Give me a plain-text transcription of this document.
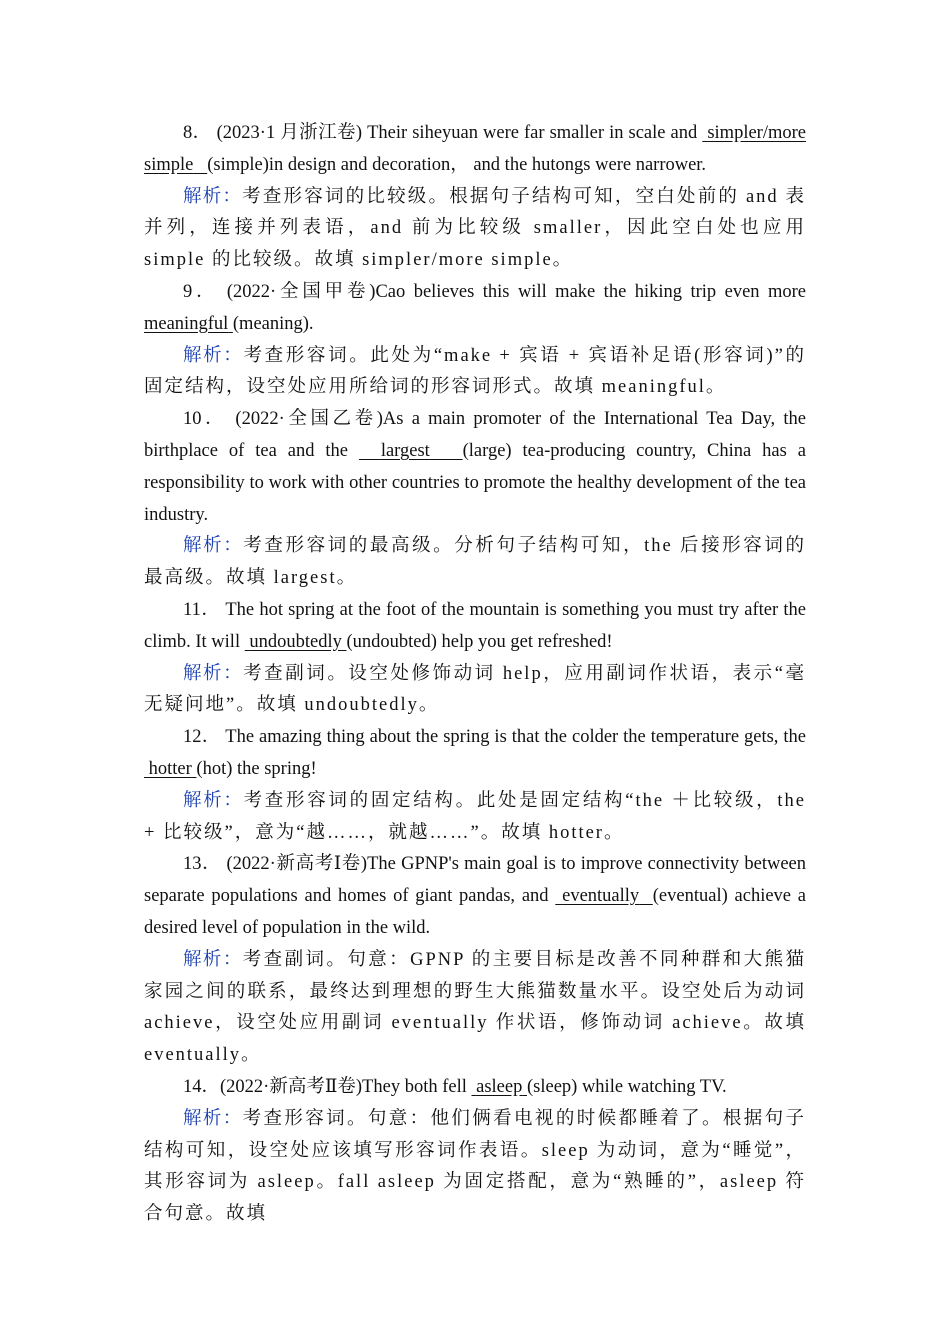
8． (2023·1 月浙江卷) Their siheyuan were far smaller in scale and  simpler/more simple (simple)in design and decoration， and the hutongs were narrower.

解析：考查形容词的比较级。根据句子结构可知，空白处前的 and 表并列，连接并列表语，and 前为比较级 smaller，因此空白处也应用 simple 的比较级。故填 simpler/more simple。

9． (2022·全国甲卷)Cao believes this will make the hiking trip even more meaningful (meaning).

解析：考查形容词。此处为“make + 宾语 + 宾语补足语(形容词)”的固定结构，设空处应用所给词的形容词形式。故填 meaningful。

10． (2022·全国乙卷)As a main promoter of the International Tea Day, the birthplace of tea and the   largest (large) tea-producing country, China has a responsibility to work with other countries to promote the healthy development of the tea industry.

解析：考查形容词的最高级。分析句子结构可知，the 后接形容词的最高级。故填 largest。

11． The hot spring at the foot of the mountain is something you must try after the climb. It will  undoubtedly (undoubted) help you get refreshed!

解析：考查副词。设空处修饰动词 help，应用副词作状语，表示“毫无疑问地”。故填 undoubtedly。

12． The amazing thing about the spring is that the colder the temperature gets, the  hotter (hot) the spring!

解析：考查形容词的固定结构。此处是固定结构“the ＋比较级，the + 比较级”，意为“越……，就越……”。故填 hotter。

13． (2022·新高考Ⅰ卷)The GPNP's main goal is to improve connectivity between separate populations and homes of giant pandas, and  eventually (eventual) achieve a desired level of population in the wild.

解析：考查副词。句意：GPNP 的主要目标是改善不同种群和大熊猫家园之间的联系，最终达到理想的野生大熊猫数量水平。设空处后为动词 achieve，设空处应用副词 eventually 作状语，修饰动词 achieve。故填 eventually。

14．(2022·新高考Ⅱ卷)They both fell  asleep (sleep) while watching TV.

解析：考查形容词。句意：他们俩看电视的时候都睡着了。根据句子结构可知，设空处应该填写形容词作表语。sleep 为动词，意为“睡觉”，其形容词为 asleep。fall asleep 为固定搭配，意为“熟睡的”，asleep 符合句意。故填
